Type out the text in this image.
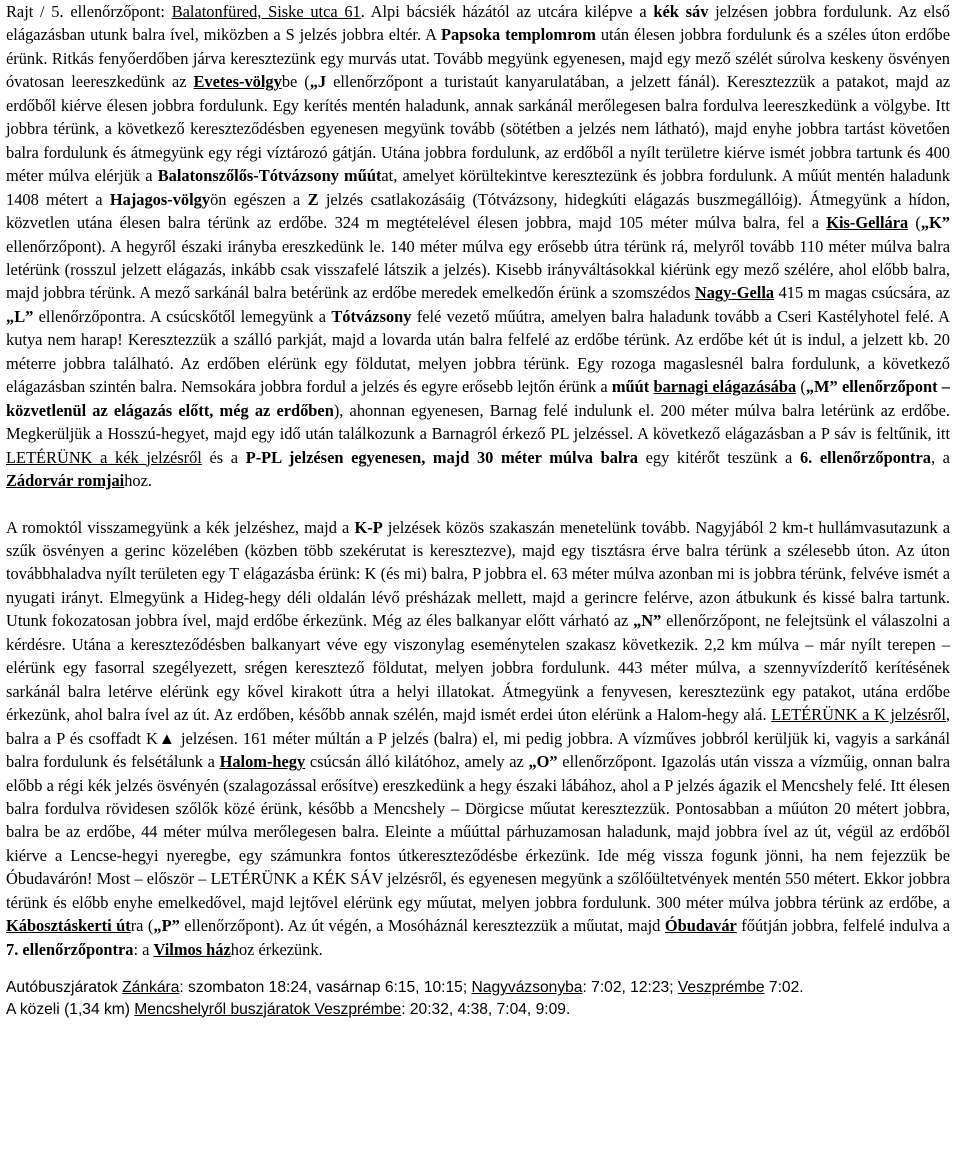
Rajt / 5. ellenőrzőpont: Balatonfüred, Siske utca 61. Alpi bácsiék házától az utcára kilépve a kék sáv jelzésen jobbra fordulunk. Az első elágazásban utunk balra ível, miközben a S jelzés jobbra eltér. A Papsoka templomrom után élesen jobbra fordulunk és a széles úton erdőbe érünk. Ritkás fenyőerdőben járva keresztezünk egy murvás utat. Tovább megyünk egyenesen, majd egy mező szélét súrolva keskeny ösvényen óvatosan leereszkedünk az Evetes-völgybe („J ellenőrzőpont a turistaút kanyarulatában, a jelzett fánál). Keresztezzük a patakot, majd az erdőből kiérve élesen jobbra fordulunk. Egy kerítés mentén haladunk, annak sarkánál merőlegesen balra fordulva leereszkedünk a völgybe. Itt jobbra térünk, a következő kereszteződésben egyenesen megyünk tovább (sötétben a jelzés nem látható), majd enyhe jobbra tartást követően balra fordulunk és átmegyünk egy régi víztározó gátján. Utána jobbra fordulunk, az erdőből a nyílt területre kiérve ismét jobbra tartunk és 400 méter múlva elérjük a Balatonszőlős-Tótvázsony műútat, amelyet körültekintve keresztezünk és jobbra fordulunk. A műút mentén haladunk 1408 métert a Hajagos-völgyön egészen a Z jelzés csatlakozásáig (Tótvázsony, hidegkúti elágazás buszmegállóig). Átmegyünk a hídon, közvetlen utána élesen balra térünk az erdőbe. 324 m megtételével élesen jobbra, majd 105 méter múlva balra, fel a Kis-Gellára („K” ellenőrzőpont). A hegyről északi irányba ereszkedünk le. 140 méter múlva egy erősebb útra térünk rá, melyről tovább 110 méter múlva balra letérünk (rosszul jelzett elágazás, inkább csak visszafelé látszik a jelzés). Kisebb irányváltásokkal kiérünk egy mező szélére, ahol előbb balra, majd jobbra térünk. A mező sarkánál balra betérünk az erdőbe meredek emelkedőn érünk a szomszédos Nagy-Gella 415 m magas csúcsára, az „L” ellenőrzőpontra. A csúcskőtől lemegyünk a Tótvázsony felé vezető műútra, amelyen balra haladunk tovább a Cseri Kastélyhotel felé. A kutya nem harap! Keresztezzük a szálló parkját, majd a lovarda után balra felfelé az erdőbe térünk. Az erdőbe két út is indul, a jelzett kb. 20 méterre jobbra található. Az erdőben elérünk egy földutat, melyen jobbra térünk. Egy rozoga magaslesnél balra fordulunk, a következő elágazásban szintén balra. Nemsokára jobbra fordul a jelzés és egyre erősebb lejtőn érünk a műút barnagi elágazásába („M” ellenőrzőpont – közvetlenül az elágazás előtt, még az erdőben), ahonnan egyenesen, Barnag felé indulunk el. 200 méter múlva balra letérünk az erdőbe. Megkerüljük a Hosszú-hegyet, majd egy idő után találkozunk a Barnagról érkező PL jelzéssel. A következő elágazásban a P sáv is feltűnik, itt LETÉRÜNK a kék jelzésről és a P-PL jelzésen egyenesen, majd 30 méter múlva balra egy kitérőt teszünk a 6. ellenőrzőpontra, a Zádorvár romjaihoz.

A romoktól visszamegyünk a kék jelzéshez, majd a K-P jelzések közös szakaszán menetelünk tovább. Nagyjából 2 km-t hullámvasutazunk a szűk ösvényen a gerinc közelében (közben több szekérutat is keresztezve), majd egy tisztásra érve balra térünk a szélesebb úton. Az úton továbbhaladva nyílt területen egy T elágazásba érünk: K (és mi) balra, P jobbra el. 63 méter múlva azonban mi is jobbra térünk, felvéve ismét a nyugati irányt. Elmegyünk a Hideg-hegy déli oldalán lévő présházak mellett, majd a gerincre felérve, azon átbukunk és kissé balra tartunk. Utunk fokozatosan jobbra ível, majd erdőbe érkezünk. Még az éles balkanyar előtt várható az „N” ellenőrzőpont, ne felejtsünk el válaszolni a kérdésre. Utána a kereszteződésben balkanyart véve egy viszonylag eseménytelen szakasz következik. 2,2 km múlva – már nyílt terepen – elérünk egy fasorral szegélyezett, srégen keresztező földutat, melyen jobbra fordulunk. 443 méter múlva, a szennyvízderítő kerítésének sarkánál balra letérve elérünk egy kővel kirakott útra a helyi illatokat. Átmegyünk a fenyvesen, keresztezünk egy patakot, utána erdőbe érkezünk, ahol balra ível az út. Az erdőben, később annak szélén, majd ismét erdei úton elérünk a Halom-hegy alá. LETÉRÜNK a K jelzésről, balra a P és csoffadt K▲ jelzésen. 161 méter múltán a P jelzés (balra) el, mi pedig jobbra. A vízműves jobbról kerüljük ki, vagyis a sarkánál balra fordulunk és felsétálunk a Halom-hegy csúcsán álló kilátóhoz, amely az „O” ellenőrzőpont. Igazolás után vissza a vízműig, onnan balra előbb a régi kék jelzés ösvényén (szalagozással erősítve) ereszkedünk a hegy északi lábához, ahol a P jelzés ágazik el Mencshely felé. Itt élesen balra fordulva rövidesen szőlők közé érünk, később a Mencshely – Dörgicse műutat keresztezzük. Pontosabban a műúton 20 métert jobbra, balra be az erdőbe, 44 méter múlva merőlegesen balra. Eleinte a műúttal párhuzamosan haladunk, majd jobbra ível az út, végül az erdőből kiérve a Lencse-hegyi nyeregbe, egy számunkra fontos útkereszteződésbe érkezünk. Ide még vissza fogunk jönni, ha nem fejezzük be Óbudavárón! Most – először – LETÉRÜNK a KÉK SÁV jelzésről, és egyenesen megyünk a szőlőültetvények mentén 550 métert. Ekkor jobbra térünk és előbb enyhe emelkedővel, majd lejtővel elérünk egy műutat, melyen jobbra fordulunk. 300 méter múlva jobbra térünk az erdőbe, a Kábosztáskerti útra („P” ellenőrzőpont). Az út végén, a Mosóháznál keresztezzük a műutat, majd Óbudavár főútján jobbra, felfelé indulva a 7. ellenőrzőpontra: a Vilmos házhoz érkezünk.

Autóbuszjáratok Zánkára: szombaton 18:24, vasárnap 6:15, 10:15; Nagyvázsonyba: 7:02, 12:23; Veszprémbe 7:02.
A közeli (1,34 km) Mencshelyről buszjáratok Veszprémbe: 20:32, 4:38, 7:04, 9:09.
